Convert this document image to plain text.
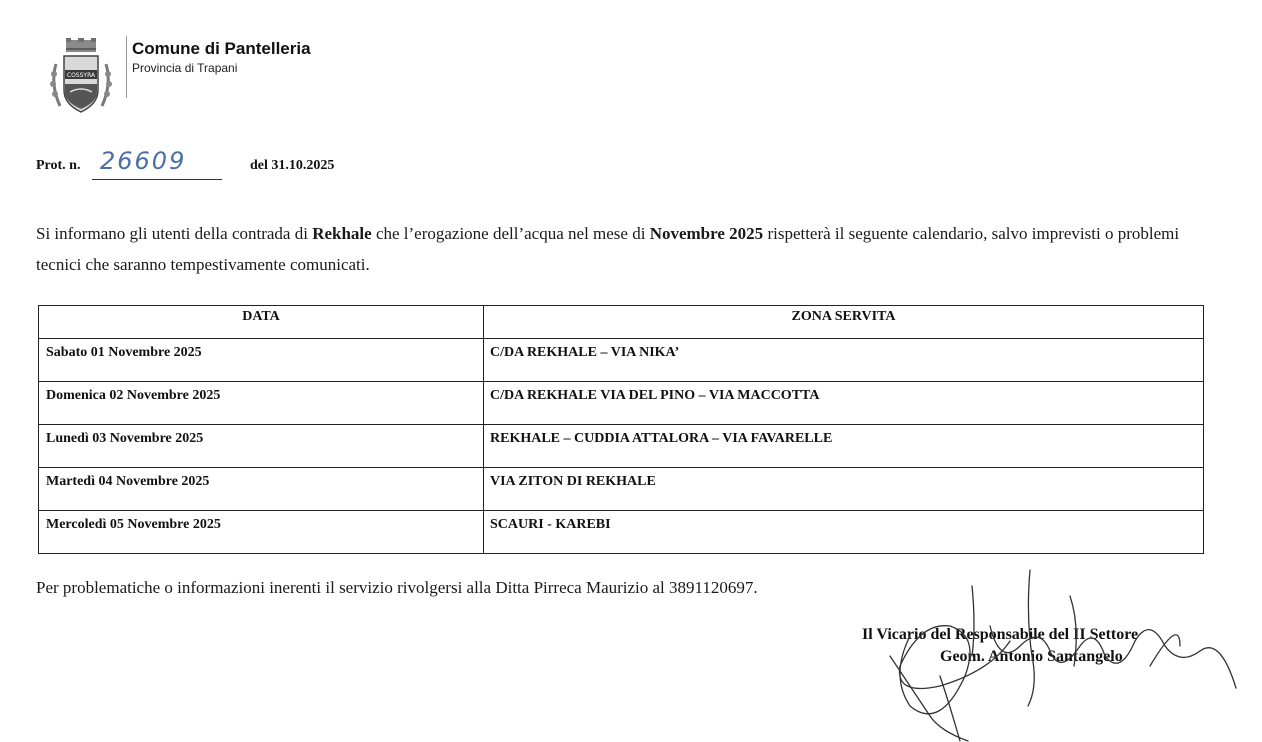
COSSYRA
Comune di Pantelleria
Provincia di Trapani
Prot. n. 26609	del 31.10.2025

Si informano gli utenti della contrada di Rekhale che l’erogazione dell’acqua nel mese di Novembre 2025 rispetterà il seguente calendario, salvo imprevisti o problemi tecnici che saranno tempestivamente comunicati.

DATA	ZONA SERVITA
Sabato 01 Novembre 2025	C/DA REKHALE – VIA NIKA’
Domenica 02 Novembre 2025	C/DA REKHALE VIA DEL PINO – VIA MACCOTTA
Lunedì 03 Novembre 2025	REKHALE – CUDDIA ATTALORA – VIA FAVARELLE
Martedì 04 Novembre 2025	VIA ZITON DI REKHALE
Mercoledì 05 Novembre 2025	SCAURI - KAREBI

Per problematiche o informazioni inerenti il servizio rivolgersi alla Ditta Pirreca Maurizio al 3891120697.

Il Vicario del Responsabile del II Settore
Geom. Antonio Santangelo
